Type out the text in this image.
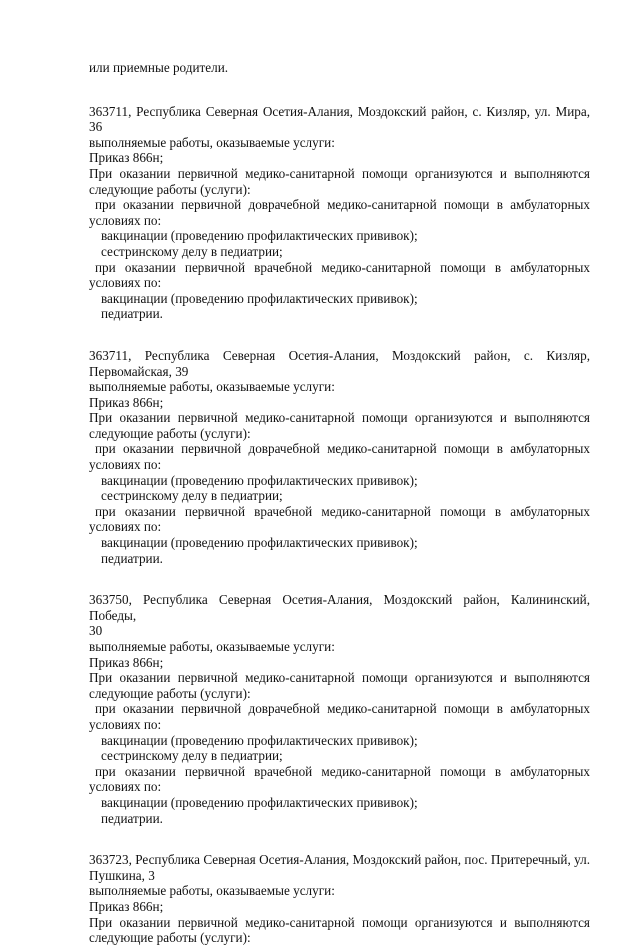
или приемные родители.
363711, Республика Северная Осетия-Алания, Моздокский район, с. Кизляр, ул. Мира, 36
выполняемые работы, оказываемые услуги:
Приказ 866н;
При оказании первичной медико-санитарной помощи организуются и выполняются
следующие работы (услуги):
при оказании первичной доврачебной медико-санитарной помощи в амбулаторных
условиях по:
вакцинации (проведению профилактических прививок);
сестринскому делу в педиатрии;
при оказании первичной врачебной медико-санитарной помощи в амбулаторных
условиях по:
вакцинации (проведению профилактических прививок);
педиатрии.
363711, Республика Северная Осетия-Алания, Моздокский район, с. Кизляр,
Первомайская, 39
выполняемые работы, оказываемые услуги:
Приказ 866н;
При оказании первичной медико-санитарной помощи организуются и выполняются
следующие работы (услуги):
при оказании первичной доврачебной медико-санитарной помощи в амбулаторных
условиях по:
вакцинации (проведению профилактических прививок);
сестринскому делу в педиатрии;
при оказании первичной врачебной медико-санитарной помощи в амбулаторных
условиях по:
вакцинации (проведению профилактических прививок);
педиатрии.
363750, Республика Северная Осетия-Алания, Моздокский район, Калининский, Победы,
30
выполняемые работы, оказываемые услуги:
Приказ 866н;
При оказании первичной медико-санитарной помощи организуются и выполняются
следующие работы (услуги):
при оказании первичной доврачебной медико-санитарной помощи в амбулаторных
условиях по:
вакцинации (проведению профилактических прививок);
сестринскому делу в педиатрии;
при оказании первичной врачебной медико-санитарной помощи в амбулаторных
условиях по:
вакцинации (проведению профилактических прививок);
педиатрии.
363723, Республика Северная Осетия-Алания, Моздокский район, пос. Притеречный, ул.
Пушкина, 3
выполняемые работы, оказываемые услуги:
Приказ 866н;
При оказании первичной медико-санитарной помощи организуются и выполняются
следующие работы (услуги):
